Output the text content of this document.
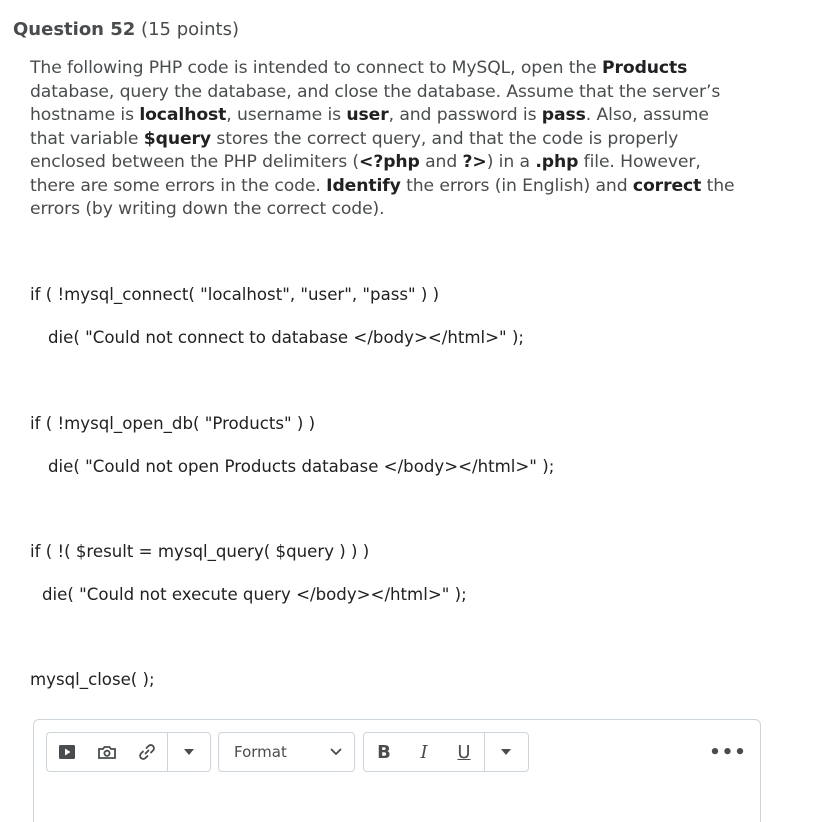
Question 52 (15 points)
The following PHP code is intended to connect to MySQL, open the Products database, query the database, and close the database. Assume that the server’s hostname is localhost, username is user, and password is pass. Also, assume that variable $query stores the correct query, and that the code is properly enclosed between the PHP delimiters (<?php and ?>) in a .php file. However, there are some errors in the code. Identify the errors (in English) and correct the errors (by writing down the correct code).
if ( !mysql_connect( "localhost", "user", "pass" ) )
die( "Could not connect to database </body></html>" );
if ( !mysql_open_db( "Products" ) )
die( "Could not open Products database </body></html>" );
if ( !( $result = mysql_query( $query ) ) )
die( "Could not execute query </body></html>" );
mysql_close( );
Format	B	I	U	•••
